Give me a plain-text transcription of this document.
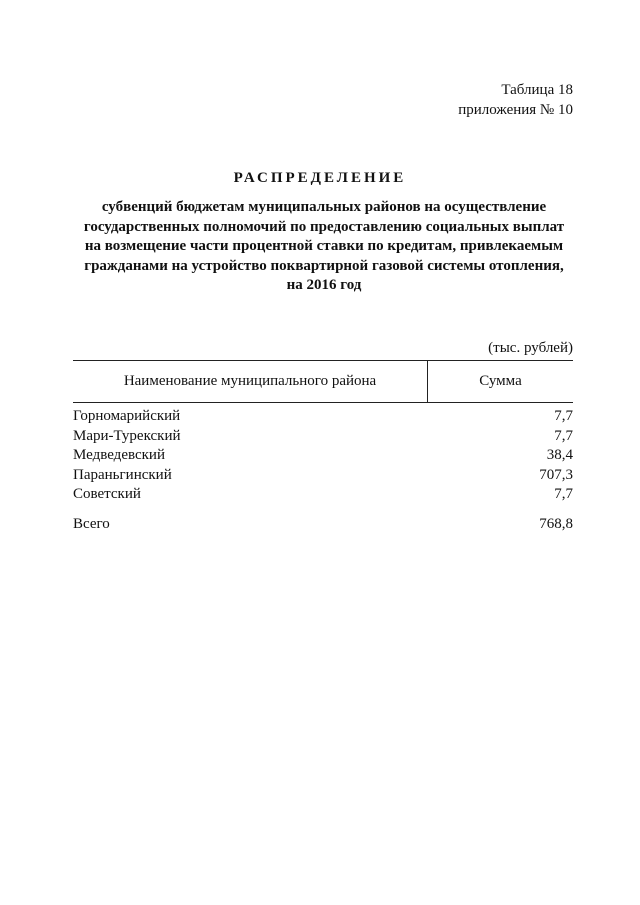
Таблица 18
приложения № 10
РАСПРЕДЕЛЕНИЕ
субвенций бюджетам муниципальных районов на осуществление
государственных полномочий по предоставлению социальных выплат
на возмещение части процентной ставки по кредитам, привлекаемым
гражданами на устройство поквартирной газовой системы отопления,
на 2016 год
(тыс. рублей)
Наименование муниципального района	Сумма
Горномарийский	7,7
Мари-Турекский	7,7
Медведевский	38,4
Параньгинский	707,3
Советский	7,7
Всего	768,8
